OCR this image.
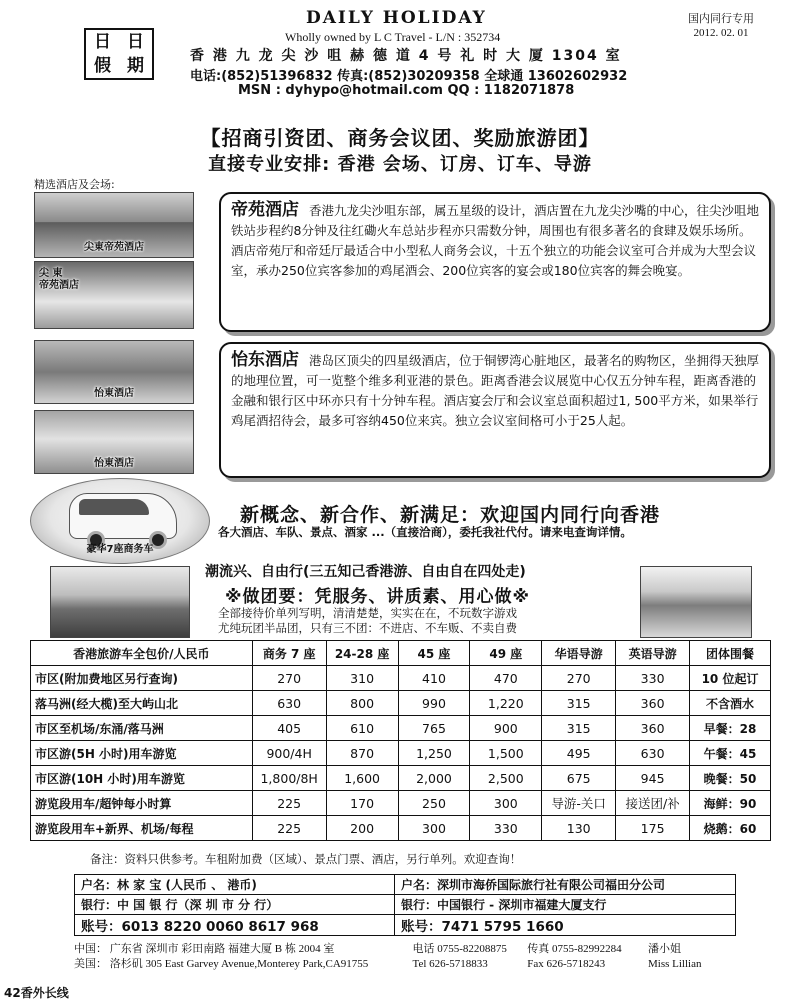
日 日
假 期
DAILY HOLIDAY
Wholly owned by L C Travel - L/N : 352734
国内同行专用
2012. 02. 01
香 港 九 龙 尖 沙 咀 赫 德 道 4 号 礼 时 大 厦 1304 室
电话:(852)51396832 传真:(852)30209358 全球通 13602602932
MSN : dyhypo@hotmail.com QQ : 1182071878
【招商引资团、商务会议团、奖励旅游团】
直接专业安排: 香港 会场、订房、订车、导游
精选酒店及会场:
尖東帝苑酒店
尖 東
帝苑酒店
怡東酒店
怡東酒店
豪华7座商务车
帝苑酒店 香港九龙尖沙咀东部，属五星级的设计，酒店置在九龙尖沙嘴的中心，往尖沙咀地铁站步程约8分钟及往红磡火车总站步程亦只需数分钟，周围也有很多著名的食肆及娱乐场所。酒店帝苑厅和帝廷厅最适合中小型私人商务会议，十五个独立的功能会议室可合并成为大型会议室，承办250位宾客参加的鸡尾酒会、200位宾客的宴会或180位宾客的舞会晚宴。
怡东酒店 港岛区顶尖的四星级酒店，位于铜锣湾心脏地区，最著名的购物区，坐拥得天独厚的地理位置，可一览整个维多利亚港的景色。距离香港会议展览中心仅五分钟车程，距离香港的金融和银行区中环亦只有十分钟车程。酒店宴会厅和会议室总面积超过1, 500平方米，如果举行鸡尾酒招待会，最多可容纳450位来宾。独立会议室间格可小于25人起。
新概念、新合作、新满足：欢迎国内同行向香港
各大酒店、车队、景点、酒家 ...（直接洽商），委托我社代付。请来电查询详情。
潮流兴、自由行(三五知己香港游、自由自在四处走)
※做团要：凭服务、讲质素、用心做※
全部接待价单列写明，清清楚楚，实实在在，不玩数字游戏
尤纯玩团半品团，只有三不团：不进店、不车贩、不卖自费
香港旅游车全包价/人民币	商务 7 座	24-28 座	45 座	49 座	华语导游	英语导游	团体围餐
市区(附加费地区另行查询)	270	310	410	470	270	330	10 位起订
落马洲(经大榄)至大屿山北	630	800	990	1,220	315	360	不含酒水
市区至机场/东涌/落马洲	405	610	765	900	315	360	早餐：28
市区游(5H 小时)用车游览	900/4H	870	1,250	1,500	495	630	午餐：45
市区游(10H 小时)用车游览	1,800/8H	1,600	2,000	2,500	675	945	晚餐：50
游览段用车/超钟每小时算	225	170	250	300	导游-关口	接送团/补	海鲜：90
游览段用车+新界、机场/每程	225	200	300	330	130	175	烧鹅：60
备注：资料只供参考。车租附加费（区域）、景点门票、酒店，另行单列。欢迎查询！
户名：林 家 宝 (人民币 、 港币)	户名：深圳市海侨国际旅行社有限公司福田分公司
银行：中 国 银 行（深 圳 市 分 行）	银行：中国银行 - 深圳市福建大厦支行
账号：6013 8220 0060 8617 968	账号：7471 5795 1660
中国： 广东省 深圳市 彩田南路 福建大厦 B 栋 2004 室	电话 0755-82208875 传真 0755-82992284 潘小姐
美国： 洛杉矶 305 East Garvey Avenue,Monterey Park,CA91755	Tel 626-5718833	Fax 626-5718243	Miss Lillian
42香外长线
